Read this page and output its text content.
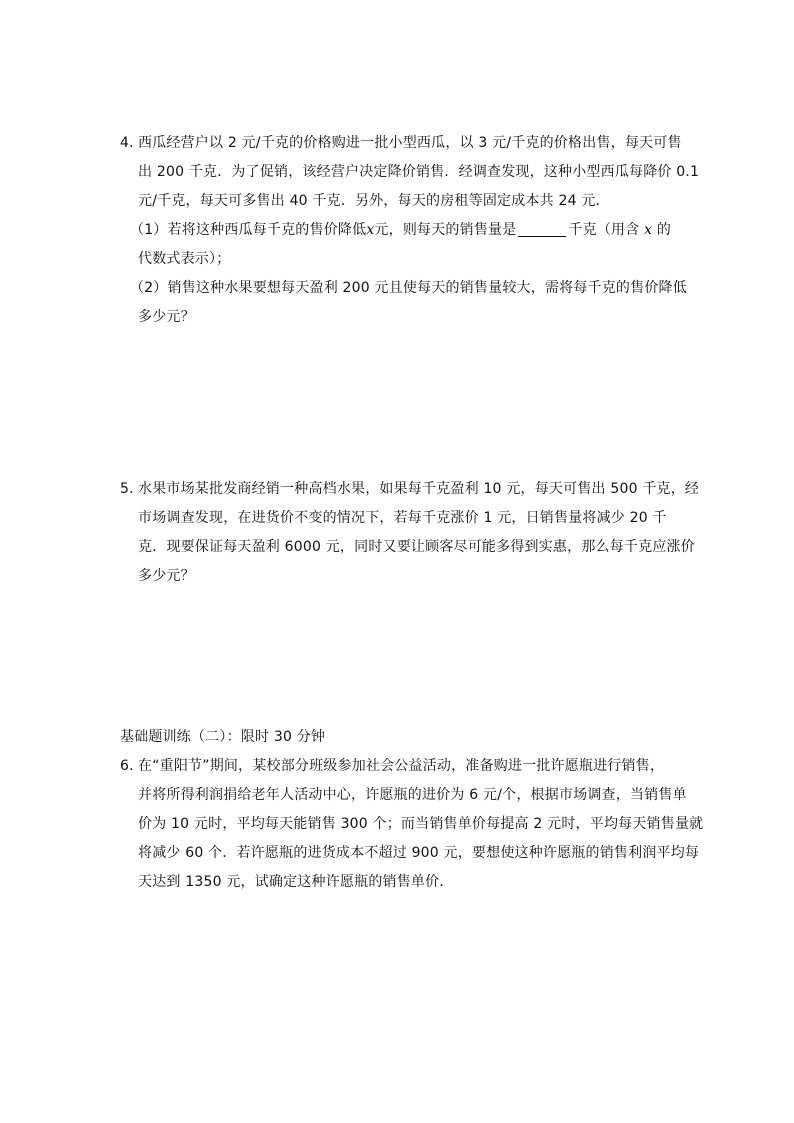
4．西瓜经营户以 2 元/千克的价格购进一批小型西瓜，以 3 元/千克的价格出售，每天可售
出 200 千克．为了促销，该经营户决定降价销售．经调查发现，这种小型西瓜每降价 0.1
元/千克，每天可多售出 40 千克．另外，每天的房租等固定成本共 24 元．
（1）若将这种西瓜每千克的售价降低x元，则每天的销售量是	千克（用含 x 的
代数式表示）；
（2）销售这种水果要想每天盈利 200 元且使每天的销售量较大，需将每千克的售价降低
多少元？
5．水果市场某批发商经销一种高档水果，如果每千克盈利 10 元，每天可售出 500 千克，经
市场调查发现，在进货价不变的情况下，若每千克涨价 1 元，日销售量将减少 20 千
克．现要保证每天盈利 6000 元，同时又要让顾客尽可能多得到实惠，那么每千克应涨价
多少元？
基础题训练（二）：限时 30 分钟
6．在“重阳节”期间，某校部分班级参加社会公益活动，准备购进一批许愿瓶进行销售，
并将所得利润捐给老年人活动中心，许愿瓶的进价为 6 元/个，根据市场调查，当销售单
价为 10 元时，平均每天能销售 300 个；而当销售单价每提高 2 元时，平均每天销售量就
将减少 60 个．若许愿瓶的进货成本不超过 900 元，要想使这种许愿瓶的销售利润平均每
天达到 1350 元，试确定这种许愿瓶的销售单价．
